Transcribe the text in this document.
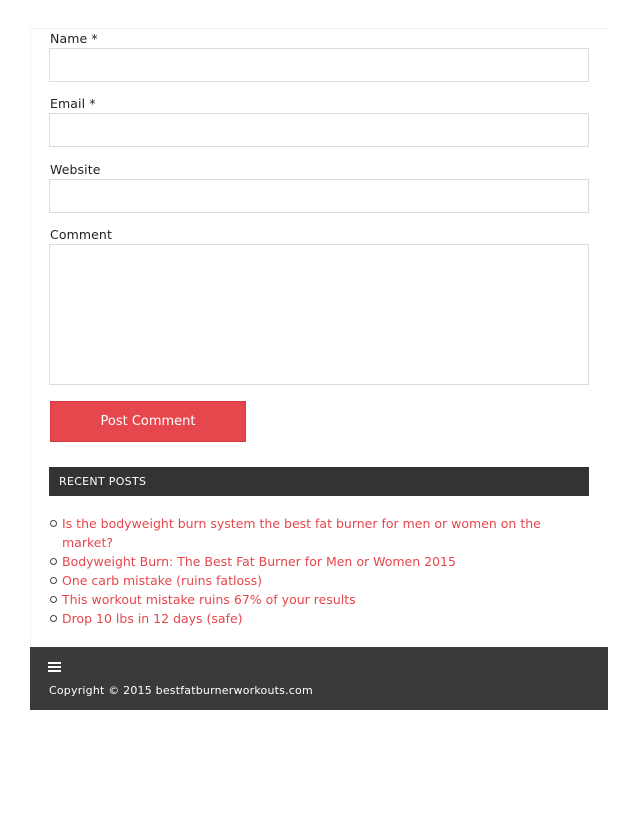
Name *
Email *
Website
Comment
Post Comment
RECENT POSTS
Is the bodyweight burn system the best fat burner for men or women on the market?
Bodyweight Burn: The Best Fat Burner for Men or Women 2015
One carb mistake (ruins fatloss)
This workout mistake ruins 67% of your results
Drop 10 lbs in 12 days (safe)
Copyright © 2015 bestfatburnerworkouts.com
